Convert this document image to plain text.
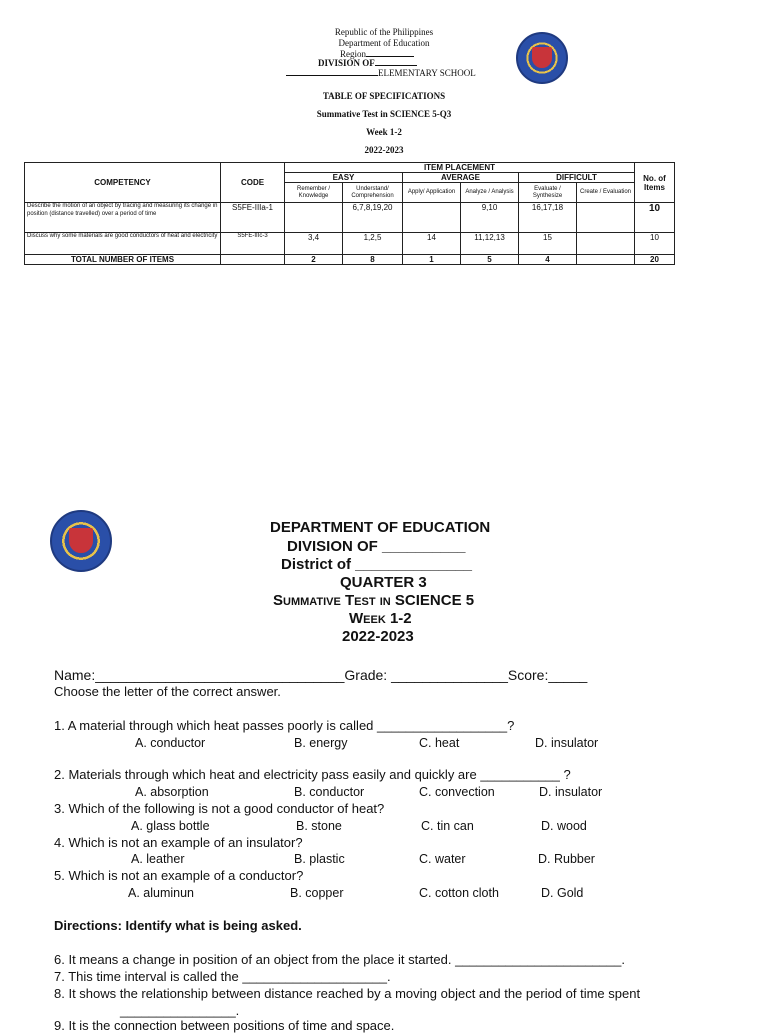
Republic of the Philippines
Department of Education
Region
DIVISION OF
ELEMENTARY SCHOOL
TABLE OF SPECIFICATIONS
Summative Test in SCIENCE 5-Q3
Week 1-2
2022-2023
COMPETENCY	CODE	ITEM PLACEMENT						No. of Items
		EASY		AVERAGE		DIFFICULT		
		Remember / Knowledge	Understand/ Comprehension	Apply/ Application	Analyze / Analysis	Evaluate / Synthesize	Create / Evaluation	
Describe the motion of an object by tracing and measuring its change in position (distance travelled) over a period of time	S5FE-IIIa-1		6,7,8,19,20		9,10	16,17,18		10
Discuss why some materials are good conductors of heat and electricity	S5FE-IIIc-3	3,4	1,2,5	14	11,12,13	15		10
TOTAL NUMBER OF ITEMS		2	8	1	5	4		20
DEPARTMENT OF EDUCATION
DIVISION OF __________
District of ______________
QUARTER 3
Summative Test in SCIENCE 5
Week 1-2
2022-2023
Name:________________________________Grade: _______________Score:_____
Choose the letter of the correct answer.
1. A material through which heat passes poorly is called __________________?
A. conductor	B. energy	C. heat	D. insulator
2. Materials through which heat and electricity pass easily and quickly are ___________ ?
A. absorption	B. conductor	C. convection	D. insulator
3. Which of the following is not a good conductor of heat?
A. glass bottle	B. stone	C. tin can	D. wood
4. Which is not an example of an insulator?
A. leather	B. plastic	C. water	D. Rubber
5. Which is not an example of a conductor?
A. aluminun	B. copper	C. cotton cloth	D. Gold
Directions: Identify what is being asked.
6. It means a change in position of an object from the place it started. _______________________.
7. This time interval is called the ____________________.
8. It shows the relationship between distance reached by a moving object and the period of time spent
________________.
9. It is the connection between positions of time and space.
